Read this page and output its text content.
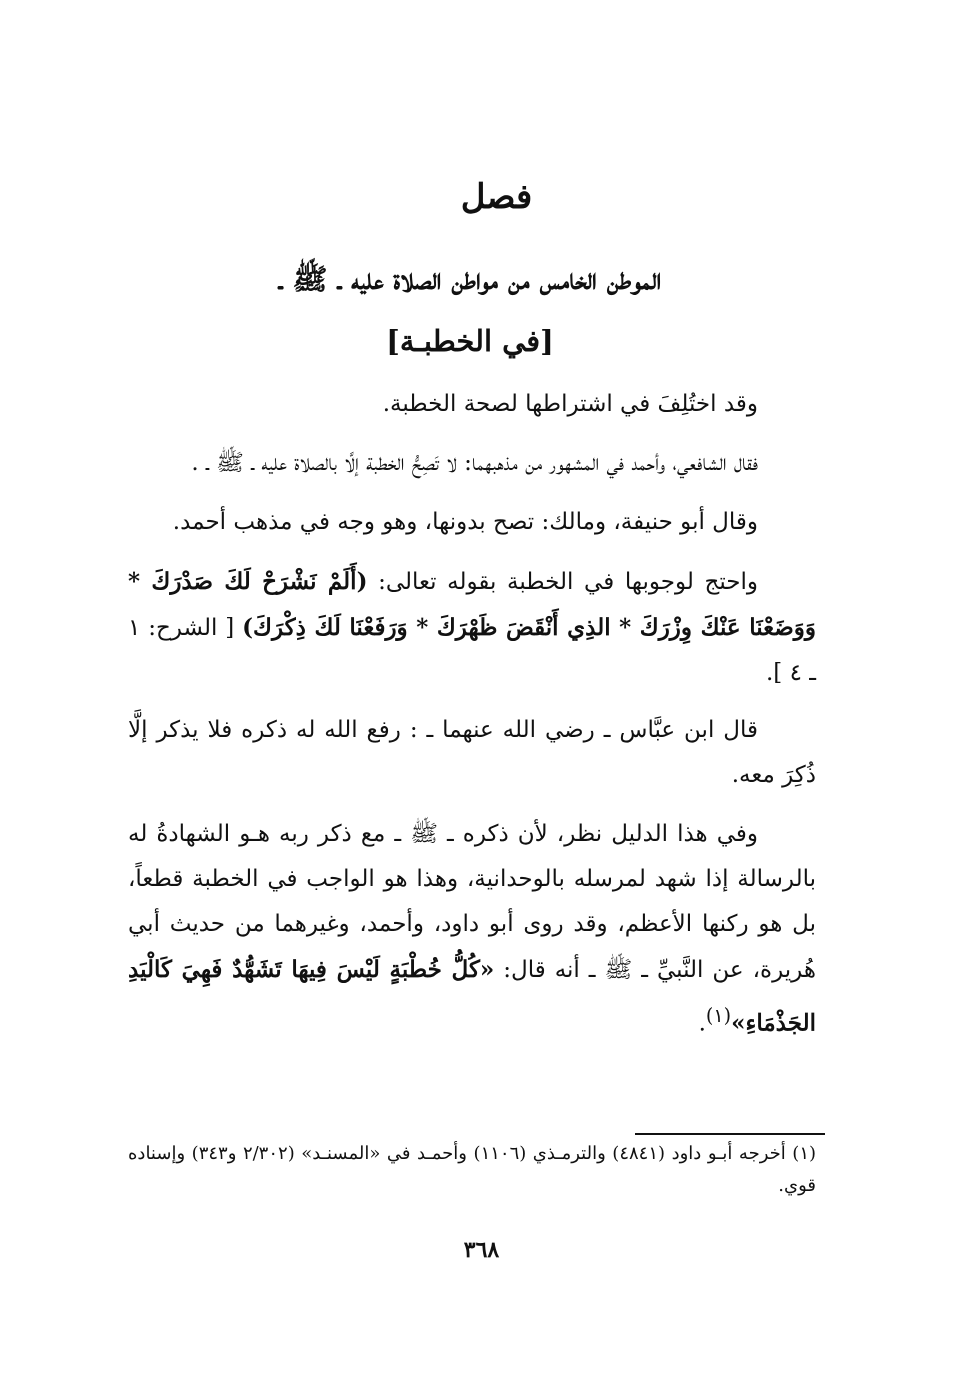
فصل
الموطن الخامس من مواطن الصلاة عليه ـ ﷺ ـ
[في الخطبـة]

وقد اختُلِفَ في اشتراطها لصحة الخطبة.

فقال الشافعي، وأحمد في المشهور من مذهبهما: لا تَصِحُّ الخطبة إلَّا بالصلاة عليه ـ ﷺ ـ .

وقال أبو حنيفة، ومالك: تصح بدونها، وهو وجه في مذهب أحمد.

واحتج لوجوبها في الخطبة بقوله تعالى: (أَلَمْ نَشْرَحْ لَكَ صَدْرَكَ * وَوَضَعْنَا عَنْكَ وِزْرَكَ * الذِي أَنْقَضَ ظَهْرَكَ * وَرَفَعْنَا لَكَ ذِكْرَكَ) [ الشرح: ١ ـ ٤ ].

قال ابن عبَّاس ـ رضي الله عنهما ـ : رفع الله له ذكره فلا يذكر إلَّا ذُكِرَ معه.

وفي هذا الدليل نظر، لأن ذكره ـ ﷺ ـ مع ذكر ربه هـو الشهادةُ له بالرسالة إذا شهد لمرسله بالوحدانية، وهذا هو الواجب في الخطبة قطعاً، بل هو ركنها الأعظم، وقد روى أبو داود، وأحمد، وغيرهما من حديث أبي هُريرة، عن النَّبيِّ ـ ﷺ ـ أنه قال: «كُلُّ خُطْبَةٍ لَيْسَ فِيهَا تَشَهُّدٌ فَهِيَ كَالْيَدِ الجَذْمَاءِ»$^{(١)}$.

(١) أخرجه أبـو داود (٤٨٤١) والترمـذي (١١٠٦) وأحمـد في «المسنـد» (٢/٣٠٢ و٣٤٣) وإسناده قوي.

٣٦٨
